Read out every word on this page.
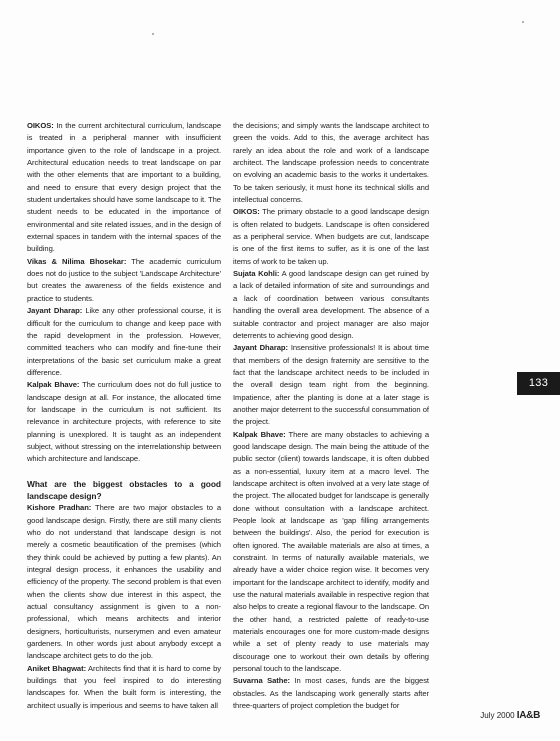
OIKOS: In the current architectural curriculum, landscape is treated in a peripheral manner with insufficient importance given to the role of landscape in a project. Architectural education needs to treat landscape on par with the other elements that are important to a building, and need to ensure that every design project that the student undertakes should have some landscape to it. The student needs to be educated in the importance of environmental and site related issues, and in the design of external spaces in tandem with the internal spaces of the building.

Vikas & Nilima Bhosekar: The academic curriculum does not do justice to the subject 'Landscape Architecture' but creates the awareness of the fields existence and practice to students.

Jayant Dharap: Like any other professional course, it is difficult for the curriculum to change and keep pace with the rapid development in the profession. However, committed teachers who can modify and fine-tune their interpretations of the basic set curriculum make a great difference.

Kalpak Bhave: The curriculum does not do full justice to landscape design at all. For instance, the allocated time for landscape in the curriculum is not sufficient. Its relevance in architecture projects, with reference to site planning is unexplored. It is taught as an independent subject, without stressing on the interrelationship between which architecture and landscape.

What are the biggest obstacles to a good landscape design?

Kishore Pradhan: There are two major obstacles to a good landscape design. Firstly, there are still many clients who do not understand that landscape design is not merely a cosmetic beautification of the premises (which they think could be achieved by putting a few plants). An integral design process, it enhances the usability and efficiency of the property. The second problem is that even when the clients show due interest in this aspect, the actual consultancy assignment is given to a non-professional, which means architects and interior designers, horticulturists, nurserymen and even amateur gardeners. In other words just about anybody except a landscape architect gets to do the job.

Aniket Bhagwat: Architects find that it is hard to come by buildings that you feel inspired to do interesting landscapes for. When the built form is interesting, the architect usually is imperious and seems to have taken all

the decisions; and simply wants the landscape architect to green the voids. Add to this, the average architect has rarely an idea about the role and work of a landscape architect. The landscape profession needs to concentrate on evolving an academic basis to the works it undertakes. To be taken seriously, it must hone its technical skills and intellectual concerns.

OIKOS: The primary obstacle to a good landscape design is often related to budgets. Landscape is often considered as a peripheral service. When budgets are cut, landscape is one of the first items to suffer, as it is one of the last items of work to be taken up.

Sujata Kohli: A good landscape design can get ruined by a lack of detailed information of site and surroundings and a lack of coordination between various consultants handling the overall area development. The absence of a suitable contractor and project manager are also major deterrents to achieving good design.

Jayant Dharap: Insensitive professionals! It is about time that members of the design fraternity are sensitive to the fact that the landscape architect needs to be included in the overall design team right from the beginning. Impatience, after the planting is done at a later stage is another major deterrent to the successful consummation of the project.

Kalpak Bhave: There are many obstacles to achieving a good landscape design. The main being the attitude of the public sector (client) towards landscape, it is often dubbed as a non-essential, luxury item at a macro level. The landscape architect is often involved at a very late stage of the project. The allocated budget for landscape is generally done without consultation with a landscape architect. People look at landscape as 'gap filling arrangements between the buildings'. Also, the period for execution is often ignored. The available materials are also at times, a constraint. In terms of naturally available materials, we already have a wider choice region wise. It becomes very important for the landscape architect to identify, modify and use the natural materials available in respective region that also helps to create a regional flavour to the landscape. On the other hand, a restricted palette of ready-to-use materials encourages one for more custom-made designs while a set of plenty ready to use materials may discourage one to workout their own details by offering personal touch to the landscape.

Suvarna Sathe: In most cases, funds are the biggest obstacles. As the landscaping work generally starts after three-quarters of project completion the budget for

133
July 2000 IA&B
